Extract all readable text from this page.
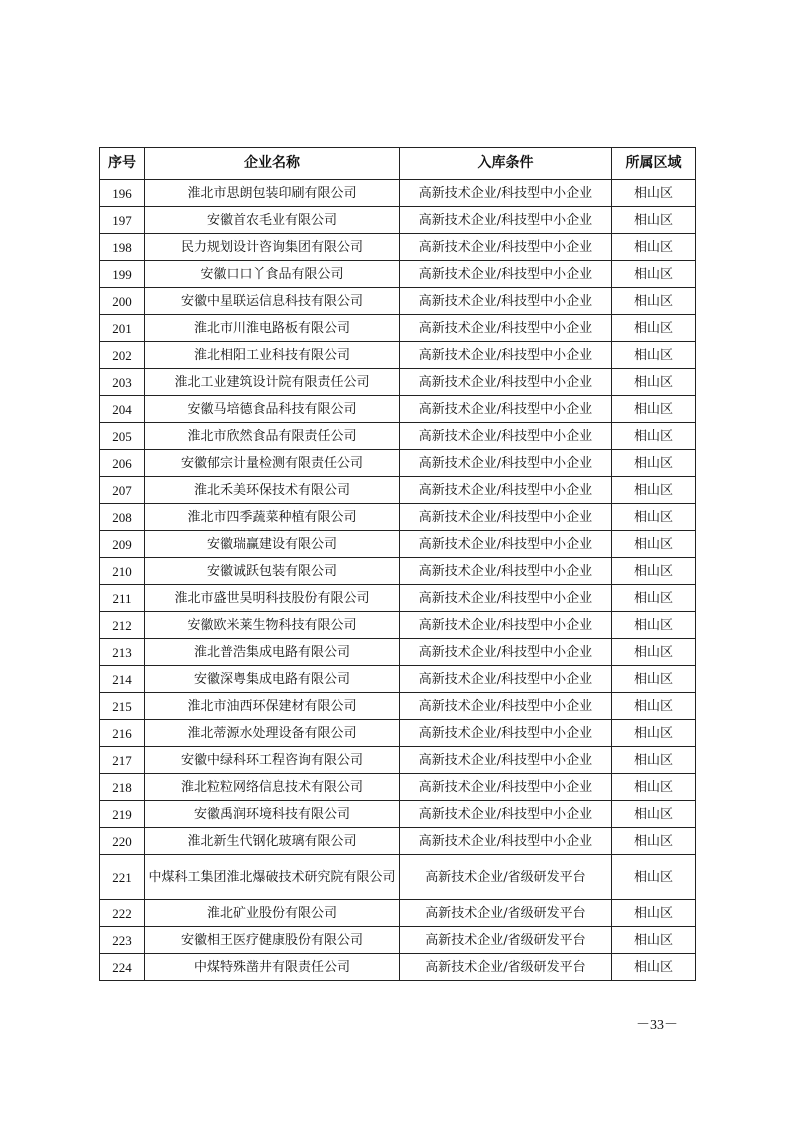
序号	企业名称	入库条件	所属区域
196	淮北市思朗包装印刷有限公司	高新技术企业/科技型中小企业	相山区
197	安徽首农毛业有限公司	高新技术企业/科技型中小企业	相山区
198	民力规划设计咨询集团有限公司	高新技术企业/科技型中小企业	相山区
199	安徽口口丫食品有限公司	高新技术企业/科技型中小企业	相山区
200	安徽中星联运信息科技有限公司	高新技术企业/科技型中小企业	相山区
201	淮北市川淮电路板有限公司	高新技术企业/科技型中小企业	相山区
202	淮北相阳工业科技有限公司	高新技术企业/科技型中小企业	相山区
203	淮北工业建筑设计院有限责任公司	高新技术企业/科技型中小企业	相山区
204	安徽马培德食品科技有限公司	高新技术企业/科技型中小企业	相山区
205	淮北市欣然食品有限责任公司	高新技术企业/科技型中小企业	相山区
206	安徽郁宗计量检测有限责任公司	高新技术企业/科技型中小企业	相山区
207	淮北禾美环保技术有限公司	高新技术企业/科技型中小企业	相山区
208	淮北市四季蔬菜种植有限公司	高新技术企业/科技型中小企业	相山区
209	安徽瑞赢建设有限公司	高新技术企业/科技型中小企业	相山区
210	安徽诚跃包装有限公司	高新技术企业/科技型中小企业	相山区
211	淮北市盛世昊明科技股份有限公司	高新技术企业/科技型中小企业	相山区
212	安徽欧米莱生物科技有限公司	高新技术企业/科技型中小企业	相山区
213	淮北普浩集成电路有限公司	高新技术企业/科技型中小企业	相山区
214	安徽深粤集成电路有限公司	高新技术企业/科技型中小企业	相山区
215	淮北市油西环保建材有限公司	高新技术企业/科技型中小企业	相山区
216	淮北蒂源水处理设备有限公司	高新技术企业/科技型中小企业	相山区
217	安徽中绿科环工程咨询有限公司	高新技术企业/科技型中小企业	相山区
218	淮北粒粒网络信息技术有限公司	高新技术企业/科技型中小企业	相山区
219	安徽禹润环境科技有限公司	高新技术企业/科技型中小企业	相山区
220	淮北新生代钢化玻璃有限公司	高新技术企业/科技型中小企业	相山区
221	中煤科工集团淮北爆破技术研究院有限公司	高新技术企业/省级研发平台	相山区
222	淮北矿业股份有限公司	高新技术企业/省级研发平台	相山区
223	安徽相王医疗健康股份有限公司	高新技术企业/省级研发平台	相山区
224	中煤特殊凿井有限责任公司	高新技术企业/省级研发平台	相山区
－33－
